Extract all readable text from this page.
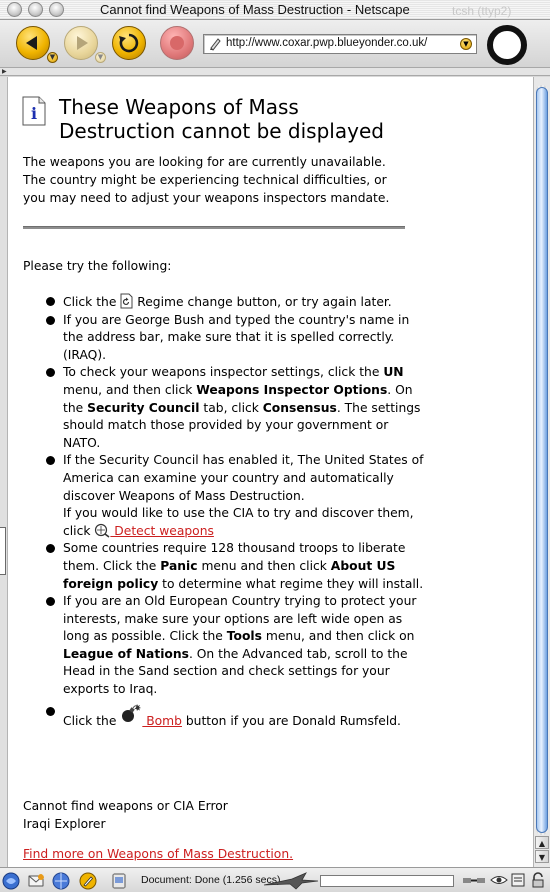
tcsh (ttyp2)
Cannot find Weapons of Mass Destruction - Netscape
▼	▼
http://www.coxar.pwp.blueyonder.co.uk/	▼
▶
i These Weapons of Mass Destruction cannot be displayed

The weapons you are looking for are currently unavailable. The country might be experiencing technical difficulties, or you may need to adjust your weapons inspectors mandate.

Please try the following:

Click the  Regime change button, or try again later.
If you are George Bush and typed the country's name in the address bar, make sure that it is spelled correctly. (IRAQ).
To check your weapons inspector settings, click the UN menu, and then click Weapons Inspector Options. On the Security Council tab, click Consensus. The settings should match those provided by your government or NATO.
If the Security Council has enabled it, The United States of America can examine your country and automatically discover Weapons of Mass Destruction.
If you would like to use the CIA to try and discover them, click  Detect weapons
Some countries require 128 thousand troops to liberate them. Click the Panic menu and then click About US foreign policy to determine what regime they will install.
If you are an Old European Country trying to protect your interests, make sure your options are left wide open as long as possible. Click the Tools menu, and then click on League of Nations. On the Advanced tab, scroll to the Head in the Sand section and check settings for your exports to Iraq.
Click the  Bomb button if you are Donald Rumsfeld.

Cannot find weapons or CIA Error

Iraqi Explorer

Find more on Weapons of Mass Destruction.

▲
▼
Document: Done (1.256 secs)
